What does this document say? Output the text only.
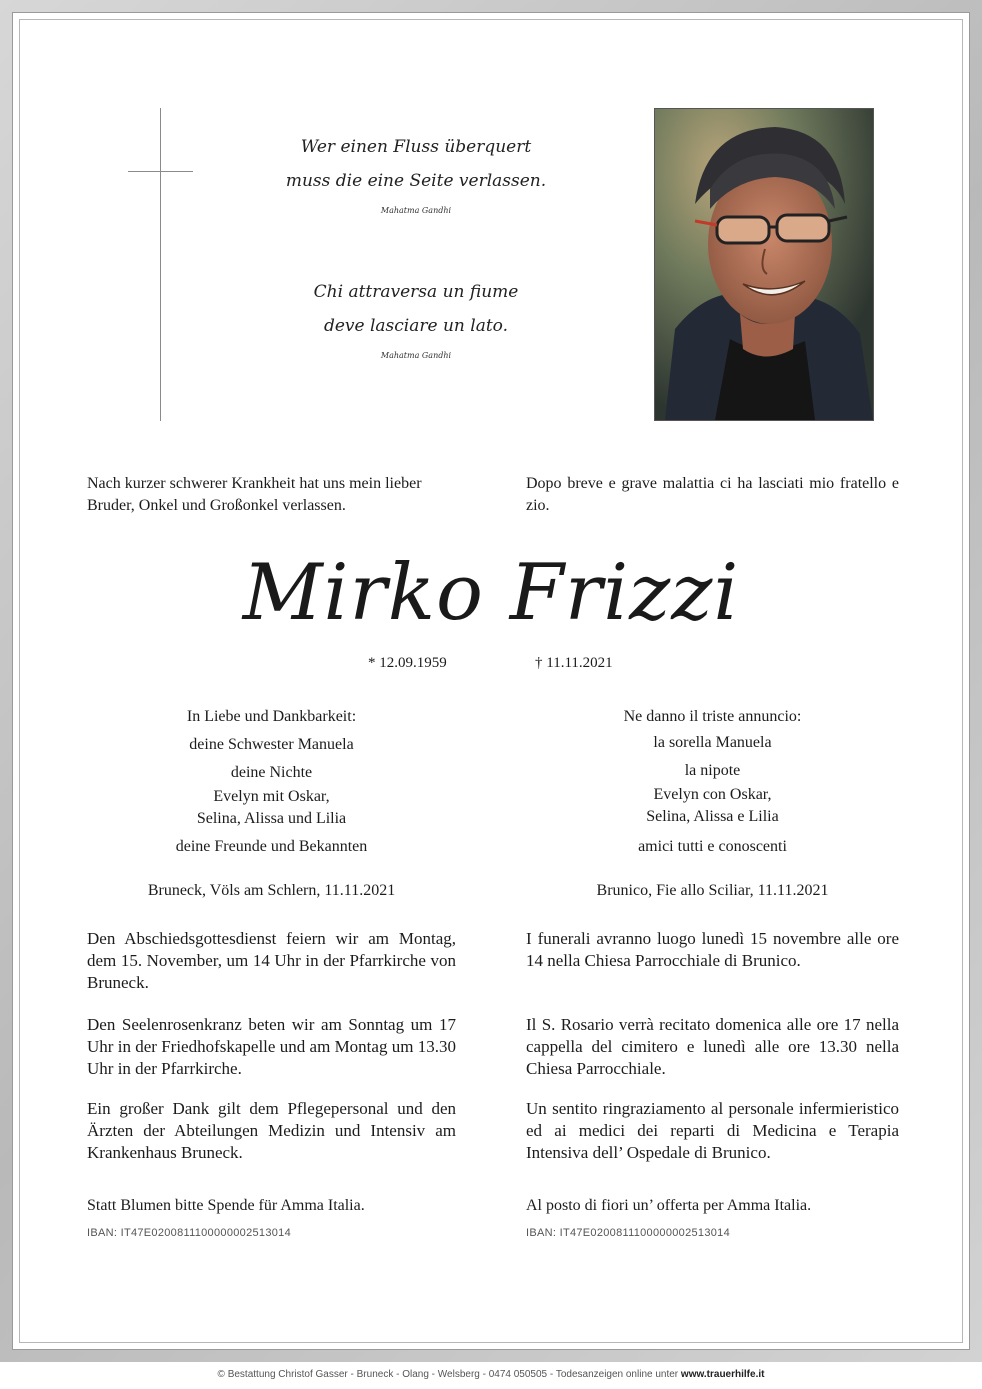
Wer einen Fluss überquert
muss die eine Seite verlassen.
Mahatma Gandhi
Chi attraversa un fiume
deve lasciare un lato.
Mahatma Gandhi
Nach kurzer schwerer Krankheit hat uns mein lieber Bruder, Onkel und Großonkel verlassen.
Dopo breve e grave malattia ci ha lasciati mio fratello e zio.
Mirko Frizzi
* 12.09.1959	† 11.11.2021
In Liebe und Dankbarkeit:
deine Schwester Manuela
deine Nichte
Evelyn mit Oskar,
Selina, Alissa und Lilia
deine Freunde und Bekannten
Bruneck, Völs am Schlern, 11.11.2021
Ne danno il triste annuncio:
la sorella Manuela
la nipote
Evelyn con Oskar,
Selina, Alissa e Lilia
amici tutti e conoscenti
Brunico, Fie allo Sciliar, 11.11.2021
Den Abschiedsgottesdienst feiern wir am Montag, dem 15. November, um 14 Uhr in der Pfarrkirche von Bruneck.
Den Seelenrosenkranz beten wir am Sonntag um 17 Uhr in der Friedhofskapelle und am Montag um 13.30 Uhr in der Pfarrkirche.
Ein großer Dank gilt dem Pflegepersonal und den Ärzten der Abteilungen Medizin und Intensiv am Krankenhaus Bruneck.
Statt Blumen bitte Spende für Amma Italia.
IBAN: IT47E0200811100000002513014
I funerali avranno luogo lunedì 15 novembre alle ore 14 nella Chiesa Parrocchiale di Brunico.
Il S. Rosario verrà recitato domenica alle ore 17 nella cappella del cimitero e lunedì alle ore 13.30 nella Chiesa Parrocchiale.
Un sentito ringraziamento al personale infermieristico ed ai medici dei reparti di Medicina e Terapia Intensiva dell’ Ospedale di Brunico.
Al posto di fiori un’ offerta per Amma Italia.
IBAN: IT47E0200811100000002513014
© Bestattung Christof Gasser - Bruneck - Olang - Welsberg - 0474 050505 - Todesanzeigen online unter www.trauerhilfe.it
